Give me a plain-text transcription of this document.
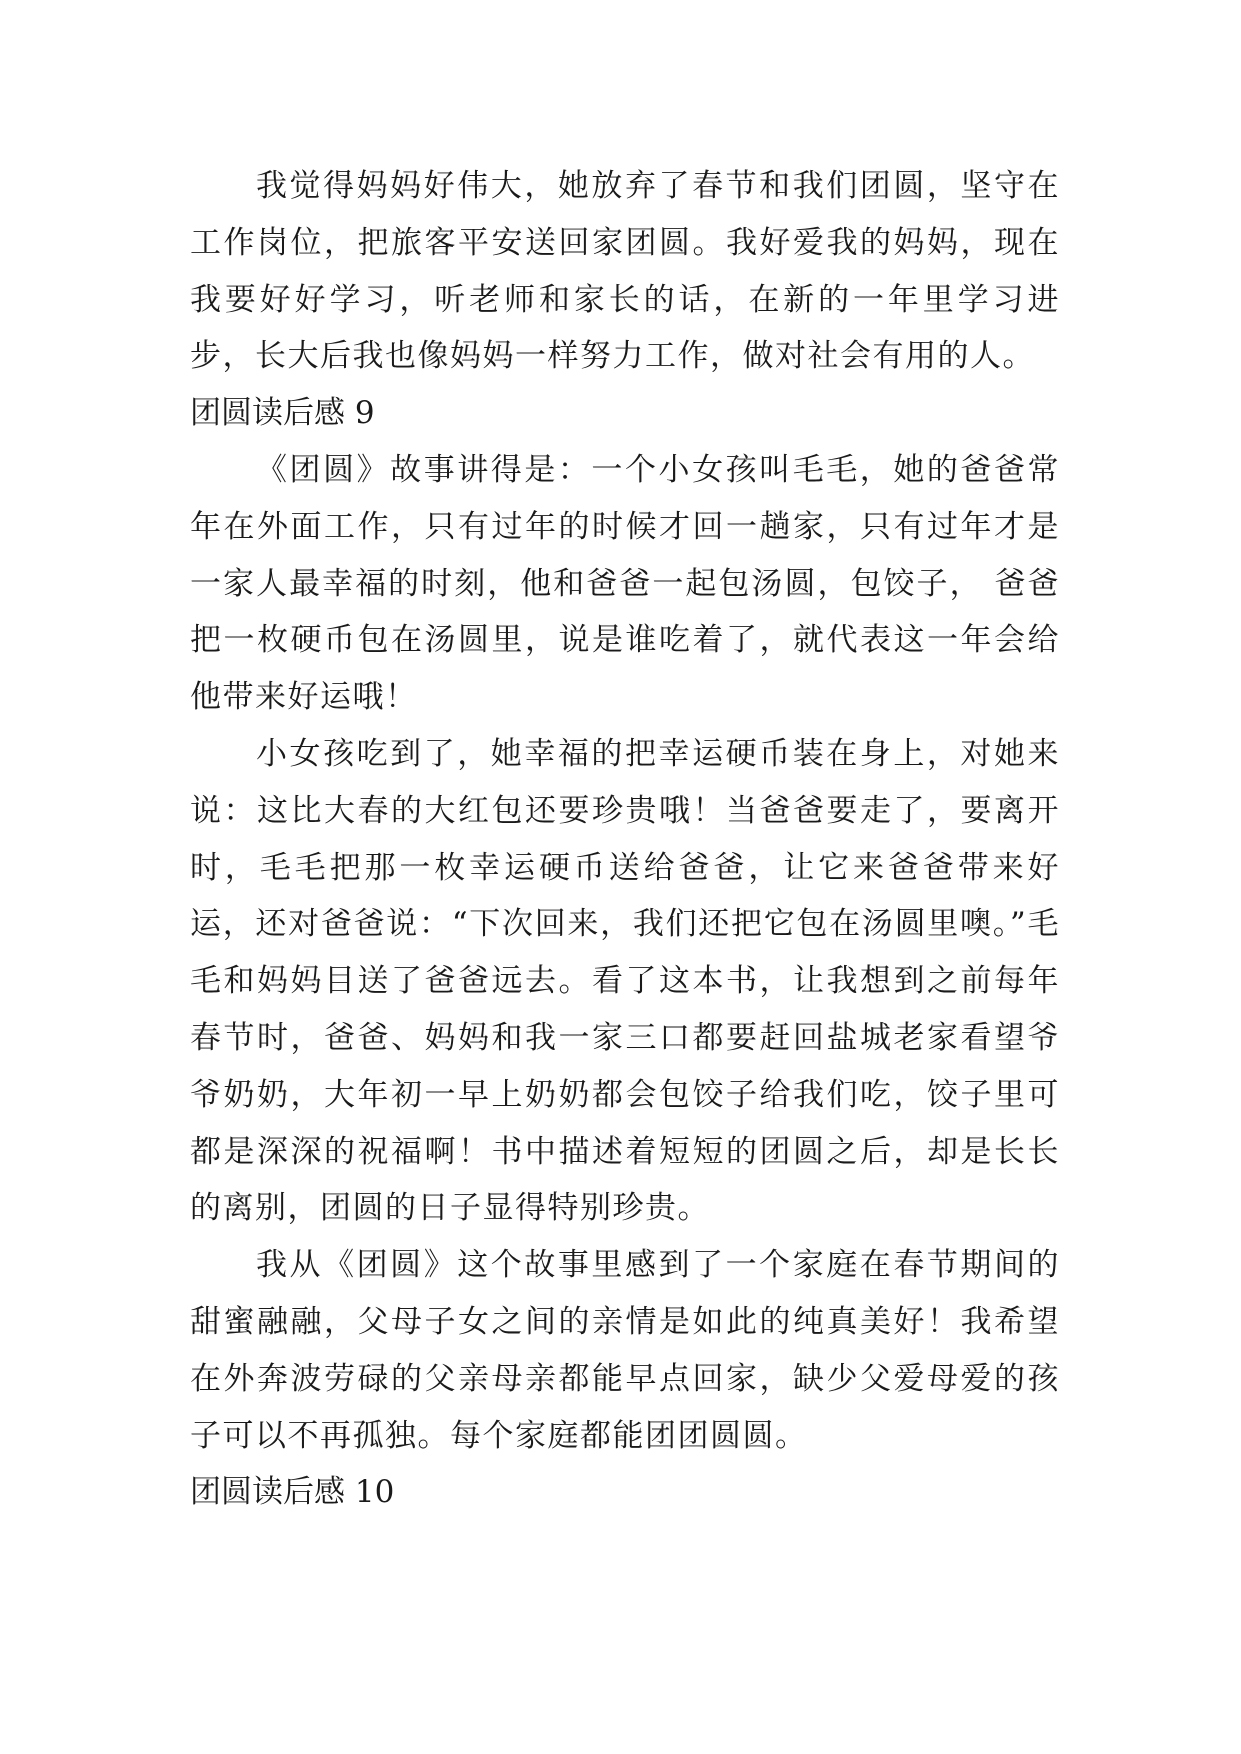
我觉得妈妈好伟大，她放弃了春节和我们团圆，坚守在工作岗位，把旅客平安送回家团圆。我好爱我的妈妈，现在我要好好学习，听老师和家长的话，在新的一年里学习进步，长大后我也像妈妈一样努力工作，做对社会有用的人。

团圆读后感 9

《团圆》故事讲得是：一个小女孩叫毛毛，她的爸爸常年在外面工作，只有过年的时候才回一趟家，只有过年才是一家人最幸福的时刻，他和爸爸一起包汤圆，包饺子， 爸爸把一枚硬币包在汤圆里，说是谁吃着了，就代表这一年会给他带来好运哦！

小女孩吃到了，她幸福的把幸运硬币装在身上，对她来说：这比大春的大红包还要珍贵哦！当爸爸要走了，要离开时，毛毛把那一枚幸运硬币送给爸爸，让它来爸爸带来好运，还对爸爸说：“下次回来，我们还把它包在汤圆里噢。”毛毛和妈妈目送了爸爸远去。看了这本书，让我想到之前每年春节时，爸爸、妈妈和我一家三口都要赶回盐城老家看望爷爷奶奶，大年初一早上奶奶都会包饺子给我们吃，饺子里可都是深深的祝福啊！书中描述着短短的团圆之后，却是长长的离别，团圆的日子显得特别珍贵。

我从《团圆》这个故事里感到了一个家庭在春节期间的甜蜜融融，父母子女之间的亲情是如此的纯真美好！我希望在外奔波劳碌的父亲母亲都能早点回家，缺少父爱母爱的孩子可以不再孤独。每个家庭都能团团圆圆。

团圆读后感 10
